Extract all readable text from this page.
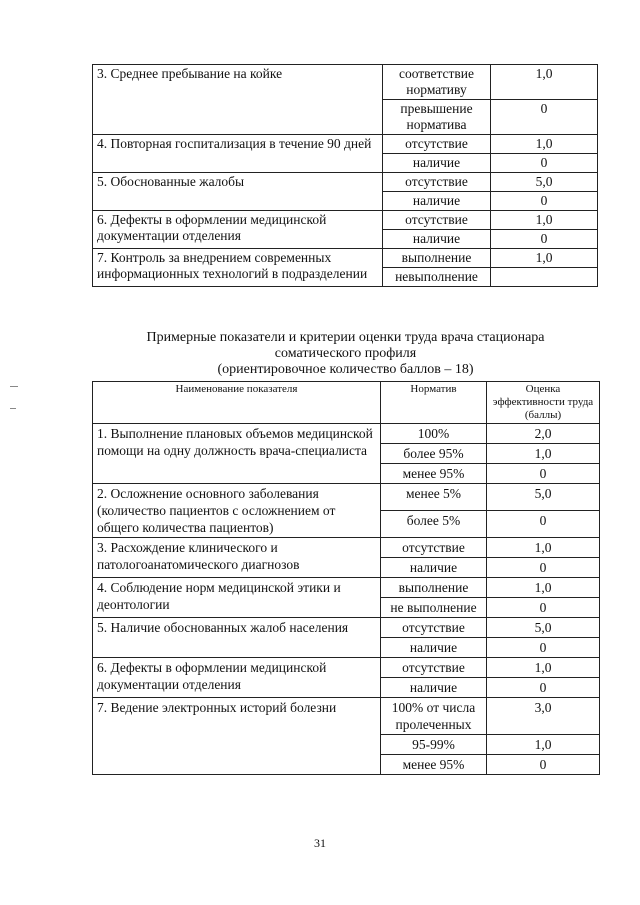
3. Среднее пребывание на койке	соответствие нормативу	1,0
	превышение норматива	0
4. Повторная госпитализация в течение 90 дней	отсутствие	1,0
	наличие	0
5. Обоснованные жалобы	отсутствие	5,0
	наличие	0
6. Дефекты в оформлении медицинской документации отделения	отсутствие	1,0
	наличие	0
7. Контроль за внедрением современных информационных технологий в подразделении	выполнение	1,0
	невыполнение	
Примерные показатели и критерии оценки труда врача стационара
соматического профиля
(ориентировочное количество баллов – 18)
Наименование показателя	Норматив	Оценка эффективности труда (баллы)
1. Выполнение плановых объемов медицинской помощи на одну должность врача-специалиста	100%	2,0
	более 95%	1,0
	менее 95%	0
2. Осложнение основного заболевания (количество пациентов с осложнением от общего количества пациентов)	менее 5%	5,0
	более 5%	0
3. Расхождение клинического и патологоанатомического диагнозов	отсутствие	1,0
	наличие	0
4. Соблюдение норм медицинской этики и деонтологии	выполнение	1,0
	не выполнение	0
5. Наличие обоснованных жалоб населения	отсутствие	5,0
	наличие	0
6. Дефекты в оформлении медицинской документации отделения	отсутствие	1,0
	наличие	0
7. Ведение электронных историй болезни	100% от числа пролеченных	3,0
	95-99%	1,0
	менее 95%	0
31
